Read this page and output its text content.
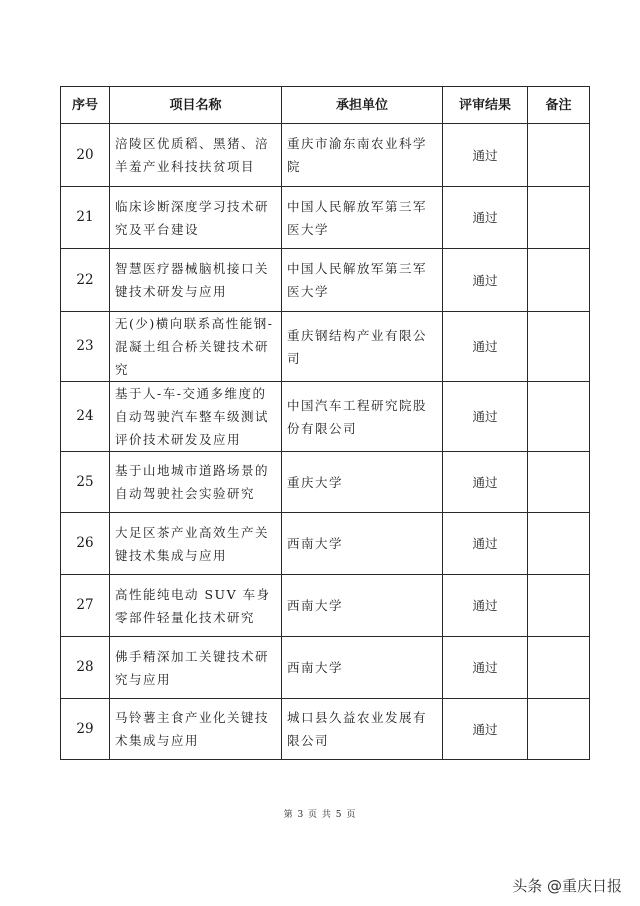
序号	项目名称	承担单位	评审结果	备注
20	涪陵区优质稻、黑猪、涪羊羞产业科技扶贫项目	重庆市渝东南农业科学院	通过	
21	临床诊断深度学习技术研究及平台建设	中国人民解放军第三军医大学	通过	
22	智慧医疗器械脑机接口关键技术研发与应用	中国人民解放军第三军医大学	通过	
23	无(少)横向联系高性能钢-混凝土组合桥关键技术研究	重庆钢结构产业有限公司	通过	
24	基于人-车-交通多维度的自动驾驶汽车整车级测试评价技术研发及应用	中国汽车工程研究院股份有限公司	通过	
25	基于山地城市道路场景的自动驾驶社会实验研究	重庆大学	通过	
26	大足区茶产业高效生产关键技术集成与应用	西南大学	通过	
27	高性能纯电动 SUV 车身零部件轻量化技术研究	西南大学	通过	
28	佛手精深加工关键技术研究与应用	西南大学	通过	
29	马铃薯主食产业化关键技术集成与应用	城口县久益农业发展有限公司	通过	
第 3 页 共 5 页
头条 @重庆日报
